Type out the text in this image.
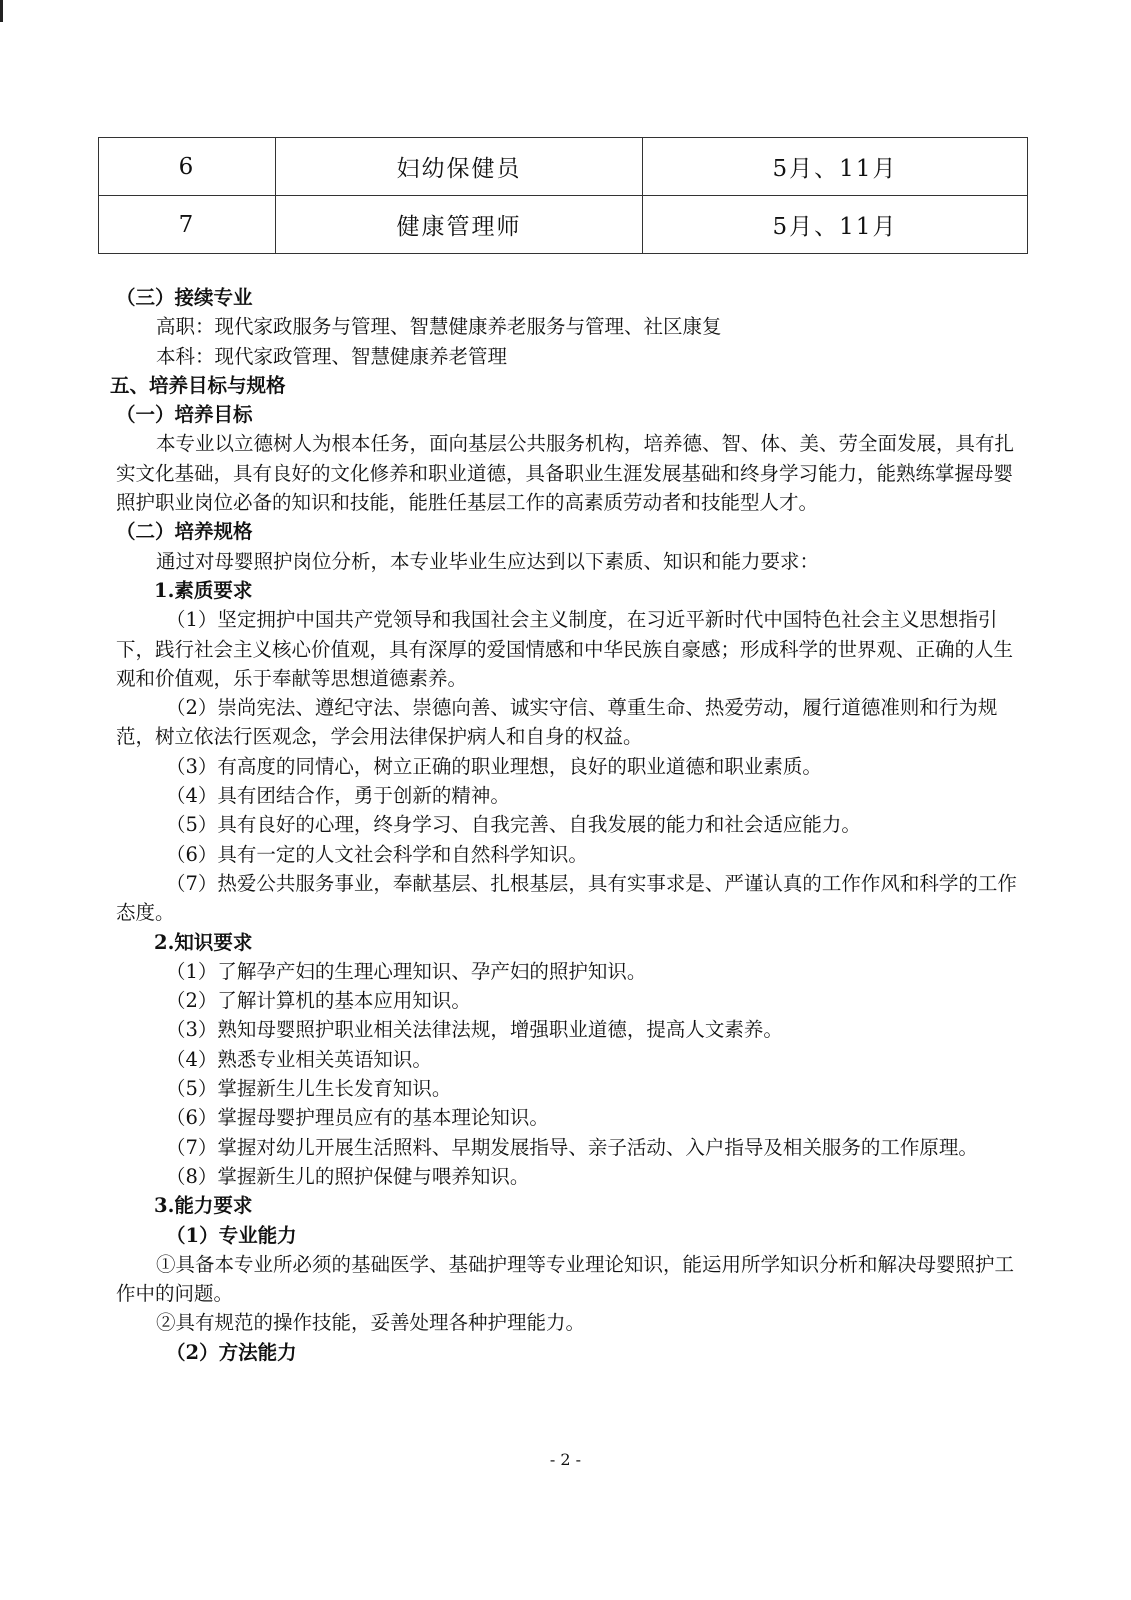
6	妇幼保健员	5月、11月
7	健康管理师	5月、11月

（三）接续专业

高职：现代家政服务与管理、智慧健康养老服务与管理、社区康复

本科：现代家政管理、智慧健康养老管理

五、培养目标与规格

（一）培养目标

本专业以立德树人为根本任务，面向基层公共服务机构，培养德、智、体、美、劳全面发展，具有扎实文化基础，具有良好的文化修养和职业道德，具备职业生涯发展基础和终身学习能力，能熟练掌握母婴照护职业岗位必备的知识和技能，能胜任基层工作的高素质劳动者和技能型人才。

（二）培养规格

通过对母婴照护岗位分析，本专业毕业生应达到以下素质、知识和能力要求：

1.素质要求

（1）坚定拥护中国共产党领导和我国社会主义制度，在习近平新时代中国特色社会主义思想指引下，践行社会主义核心价值观，具有深厚的爱国情感和中华民族自豪感；形成科学的世界观、正确的人生观和价值观，乐于奉献等思想道德素养。

（2）崇尚宪法、遵纪守法、崇德向善、诚实守信、尊重生命、热爱劳动，履行道德准则和行为规范，树立依法行医观念，学会用法律保护病人和自身的权益。

（3）有高度的同情心，树立正确的职业理想，良好的职业道德和职业素质。

（4）具有团结合作，勇于创新的精神。

（5）具有良好的心理，终身学习、自我完善、自我发展的能力和社会适应能力。

（6）具有一定的人文社会科学和自然科学知识。

（7）热爱公共服务事业，奉献基层、扎根基层，具有实事求是、严谨认真的工作作风和科学的工作态度。

2.知识要求

（1）了解孕产妇的生理心理知识、孕产妇的照护知识。

（2）了解计算机的基本应用知识。

（3）熟知母婴照护职业相关法律法规，增强职业道德，提高人文素养。

（4）熟悉专业相关英语知识。

（5）掌握新生儿生长发育知识。

（6）掌握母婴护理员应有的基本理论知识。

（7）掌握对幼儿开展生活照料、早期发展指导、亲子活动、入户指导及相关服务的工作原理。

（8）掌握新生儿的照护保健与喂养知识。

3.能力要求

（1）专业能力

①具备本专业所必须的基础医学、基础护理等专业理论知识，能运用所学知识分析和解决母婴照护工作中的问题。

②具有规范的操作技能，妥善处理各种护理能力。

（2）方法能力

- 2 -
